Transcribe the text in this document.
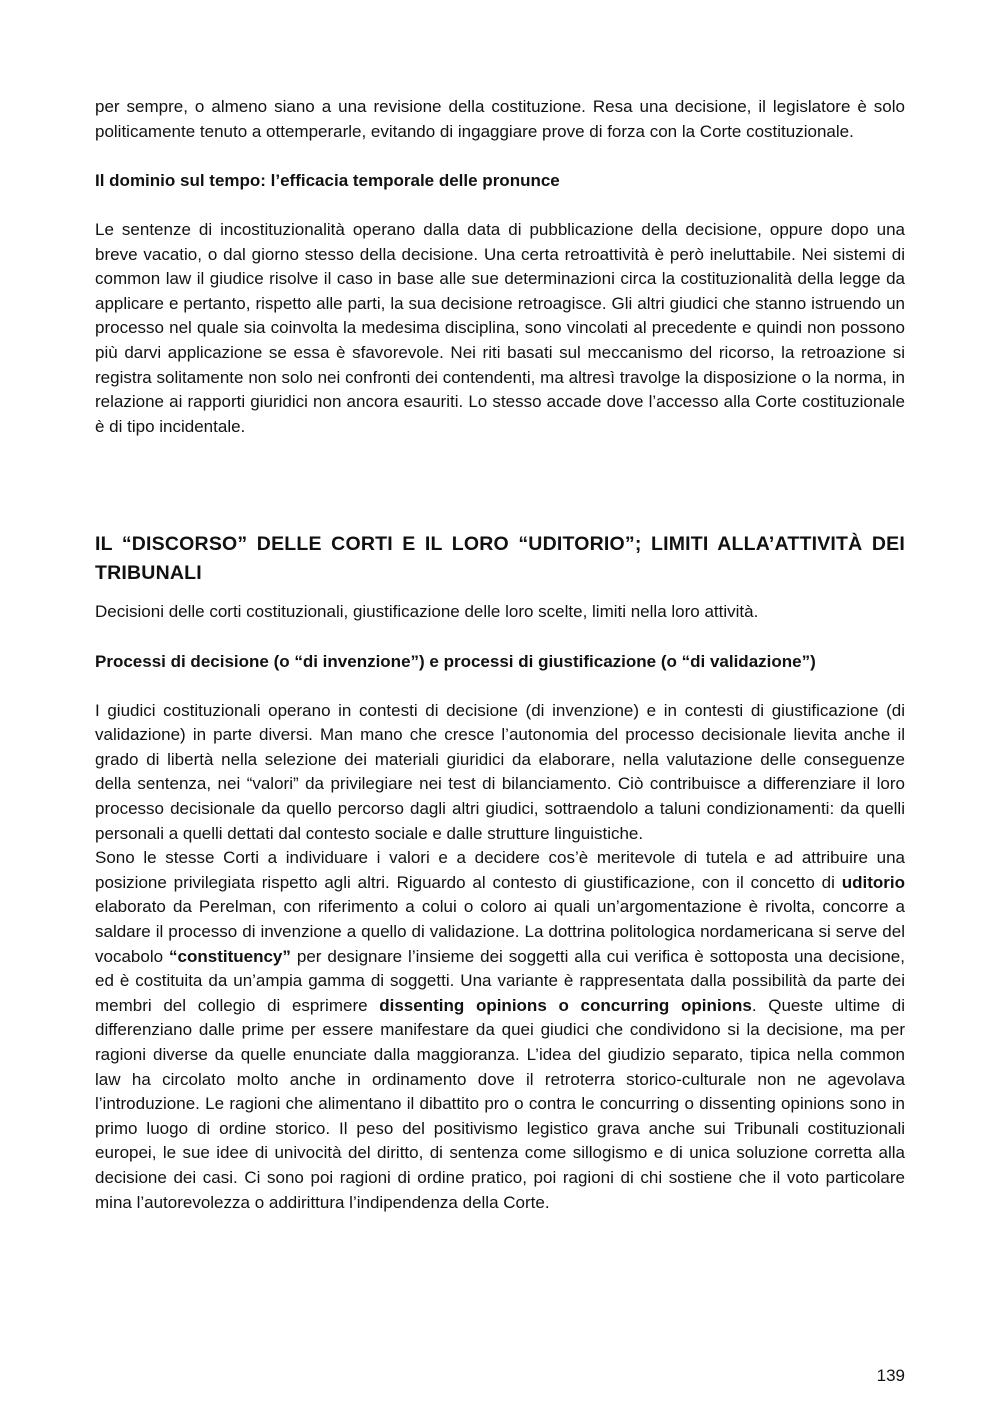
per sempre, o almeno siano a una revisione della costituzione. Resa una decisione, il legislatore è solo politicamente tenuto a ottemperarle, evitando di ingaggiare prove di forza con la Corte costituzionale.

Il dominio sul tempo: l’efficacia temporale delle pronunce

Le sentenze di incostituzionalità operano dalla data di pubblicazione della decisione, oppure dopo una breve vacatio, o dal giorno stesso della decisione. Una certa retroattività è però ineluttabile. Nei sistemi di common law il giudice risolve il caso in base alle sue determinazioni circa la costituzionalità della legge da applicare e pertanto, rispetto alle parti, la sua decisione retroagisce. Gli altri giudici che stanno istruendo un processo nel quale sia coinvolta la medesima disciplina, sono vincolati al precedente e quindi non possono più darvi applicazione se essa è sfavorevole. Nei riti basati sul meccanismo del ricorso, la retroazione si registra solitamente non solo nei confronti dei contendenti, ma altresì travolge la disposizione o la norma, in relazione ai rapporti giuridici non ancora esauriti. Lo stesso accade dove l’accesso alla Corte costituzionale è di tipo incidentale.

IL “DISCORSO” DELLE CORTI E IL LORO “UDITORIO”; LIMITI ALLA’ATTIVITÀ DEI TRIBUNALI

Decisioni delle corti costituzionali, giustificazione delle loro scelte, limiti nella loro attività.

Processi di decisione (o “di invenzione”) e processi di giustificazione (o “di validazione”)

I giudici costituzionali operano in contesti di decisione (di invenzione) e in contesti di giustificazione (di validazione) in parte diversi. Man mano che cresce l’autonomia del processo decisionale lievita anche il grado di libertà nella selezione dei materiali giuridici da elaborare, nella valutazione delle conseguenze della sentenza, nei “valori” da privilegiare nei test di bilanciamento. Ciò contribuisce a differenziare il loro processo decisionale da quello percorso dagli altri giudici, sottraendolo a taluni condizionamenti: da quelli personali a quelli dettati dal contesto sociale e dalle strutture linguistiche.

Sono le stesse Corti a individuare i valori e a decidere cos’è meritevole di tutela e ad attribuire una posizione privilegiata rispetto agli altri. Riguardo al contesto di giustificazione, con il concetto di uditorio elaborato da Perelman, con riferimento a colui o coloro ai quali un’argomentazione è rivolta, concorre a saldare il processo di invenzione a quello di validazione. La dottrina politologica nordamericana si serve del vocabolo “constituency” per designare l’insieme dei soggetti alla cui verifica è sottoposta una decisione, ed è costituita da un’ampia gamma di soggetti. Una variante è rappresentata dalla possibilità da parte dei membri del collegio di esprimere dissenting opinions o concurring opinions. Queste ultime di differenziano dalle prime per essere manifestare da quei giudici che condividono si la decisione, ma per ragioni diverse da quelle enunciate dalla maggioranza. L’idea del giudizio separato, tipica nella common law ha circolato molto anche in ordinamento dove il retroterra storico-culturale non ne agevolava l’introduzione. Le ragioni che alimentano il dibattito pro o contra le concurring o dissenting opinions sono in primo luogo di ordine storico. Il peso del positivismo legistico grava anche sui Tribunali costituzionali europei, le sue idee di univocità del diritto, di sentenza come sillogismo e di unica soluzione corretta alla decisione dei casi. Ci sono poi ragioni di ordine pratico, poi ragioni di chi sostiene che il voto particolare mina l’autorevolezza o addirittura l’indipendenza della Corte.

139
